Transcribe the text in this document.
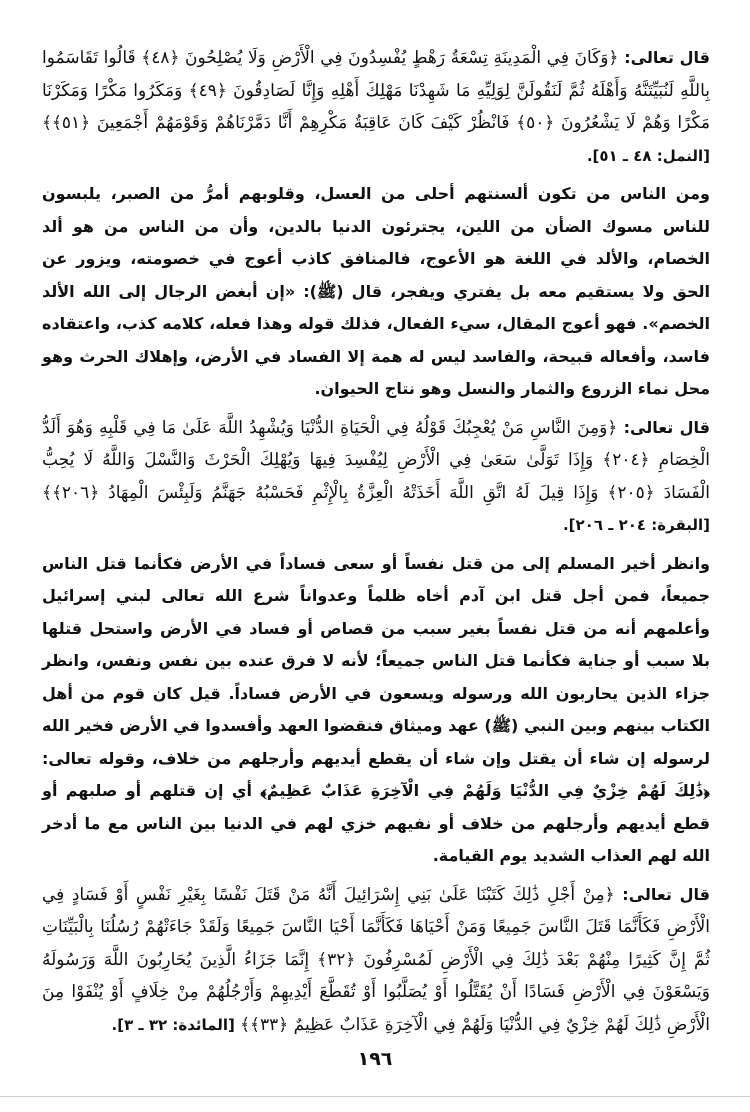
قال تعالى: ﴿وَكَانَ فِي الْمَدِينَةِ تِسْعَةُ رَهْطٍ يُفْسِدُونَ فِي الْأَرْضِ وَلَا يُصْلِحُونَ ﴿٤٨﴾ قَالُوا تَقَاسَمُوا بِاللَّهِ لَنُبَيِّتَنَّهُ وَأَهْلَهُ ثُمَّ لَنَقُولَنَّ لِوَلِيِّهِ مَا شَهِدْنَا مَهْلِكَ أَهْلِهِ وَإِنَّا لَصَادِقُونَ ﴿٤٩﴾ وَمَكَرُوا مَكْرًا وَمَكَرْنَا مَكْرًا وَهُمْ لَا يَشْعُرُونَ ﴿٥٠﴾ فَانْظُرْ كَيْفَ كَانَ عَاقِبَةُ مَكْرِهِمْ أَنَّا دَمَّرْنَاهُمْ وَقَوْمَهُمْ أَجْمَعِينَ ﴿٥١﴾﴾ [النمل: ٤٨ ـ ٥١].

ومن الناس من تكون ألسنتهم أحلى من العسل، وقلوبهم أمرُّ من الصبر، يلبسون للناس مسوك الضأن من اللين، يجترئون الدنيا بالدين، وأن من الناس من هو ألد الخصام، والألد في اللغة هو الأعوج، فالمنافق كاذب أعوج في خصومته، ويزور عن الحق ولا يستقيم معه بل يفتري ويفجر، قال (ﷺ): «إن أبغض الرجال إلى الله الألد الخصم». فهو أعوج المقال، سيء الفعال، فذلك قوله وهذا فعله، كلامه كذب، واعتقاده فاسد، وأفعاله قبيحة، والفاسد ليس له همة إلا الفساد في الأرض، وإهلاك الحرث وهو محل نماء الزروع والثمار والنسل وهو نتاج الحيوان.

قال تعالى: ﴿وَمِنَ النَّاسِ مَنْ يُعْجِبُكَ قَوْلُهُ فِي الْحَيَاةِ الدُّنْيَا وَيُشْهِدُ اللَّهَ عَلَىٰ مَا فِي قَلْبِهِ وَهُوَ أَلَدُّ الْخِصَامِ ﴿٢٠٤﴾ وَإِذَا تَوَلَّىٰ سَعَىٰ فِي الْأَرْضِ لِيُفْسِدَ فِيهَا وَيُهْلِكَ الْحَرْثَ وَالنَّسْلَ وَاللَّهُ لَا يُحِبُّ الْفَسَادَ ﴿٢٠٥﴾ وَإِذَا قِيلَ لَهُ اتَّقِ اللَّهَ أَخَذَتْهُ الْعِزَّةُ بِالْإِثْمِ فَحَسْبُهُ جَهَنَّمُ وَلَبِئْسَ الْمِهَادُ ﴿٢٠٦﴾﴾ [البقرة: ٢٠٤ ـ ٢٠٦].

وانظر أخير المسلم إلى من قتل نفساً أو سعى فساداً في الأرض فكأنما قتل الناس جميعاً، فمن أجل قتل ابن آدم أخاه ظلماً وعدواناً شرع الله تعالى لبني إسرائيل وأعلمهم أنه من قتل نفساً بغير سبب من قصاص أو فساد في الأرض واستحل قتلها بلا سبب أو جناية فكأنما قتل الناس جميعاً؛ لأنه لا فرق عنده بين نفس ونفس، وانظر جزاء الذين يحاربون الله ورسوله ويسعون في الأرض فساداً. قيل كان قوم من أهل الكتاب بينهم وبين النبي (ﷺ) عهد وميثاق فنقضوا العهد وأفسدوا في الأرض فخير الله لرسوله إن شاء أن يقتل وإن شاء أن يقطع أيديهم وأرجلهم من خلاف، وقوله تعالى: ﴿ذَٰلِكَ لَهُمْ خِزْيٌ فِي الدُّنْيَا وَلَهُمْ فِي الْآخِرَةِ عَذَابٌ عَظِيمٌ﴾ أي إن قتلهم أو صلبهم أو قطع أيديهم وأرجلهم من خلاف أو نفيهم خزي لهم في الدنيا بين الناس مع ما أدخر الله لهم العذاب الشديد يوم القيامة.

قال تعالى: ﴿مِنْ أَجْلِ ذَٰلِكَ كَتَبْنَا عَلَىٰ بَنِي إِسْرَائِيلَ أَنَّهُ مَنْ قَتَلَ نَفْسًا بِغَيْرِ نَفْسٍ أَوْ فَسَادٍ فِي الْأَرْضِ فَكَأَنَّمَا قَتَلَ النَّاسَ جَمِيعًا وَمَنْ أَحْيَاهَا فَكَأَنَّمَا أَحْيَا النَّاسَ جَمِيعًا وَلَقَدْ جَاءَتْهُمْ رُسُلُنَا بِالْبَيِّنَاتِ ثُمَّ إِنَّ كَثِيرًا مِنْهُمْ بَعْدَ ذَٰلِكَ فِي الْأَرْضِ لَمُسْرِفُونَ ﴿٣٢﴾ إِنَّمَا جَزَاءُ الَّذِينَ يُحَارِبُونَ اللَّهَ وَرَسُولَهُ وَيَسْعَوْنَ فِي الْأَرْضِ فَسَادًا أَنْ يُقَتَّلُوا أَوْ يُصَلَّبُوا أَوْ تُقَطَّعَ أَيْدِيهِمْ وَأَرْجُلُهُمْ مِنْ خِلَافٍ أَوْ يُنْفَوْا مِنَ الْأَرْضِ ذَٰلِكَ لَهُمْ خِزْيٌ فِي الدُّنْيَا وَلَهُمْ فِي الْآخِرَةِ عَذَابٌ عَظِيمٌ ﴿٣٣﴾﴾ [المائدة: ٣٢ ـ ٣].

١٩٦
